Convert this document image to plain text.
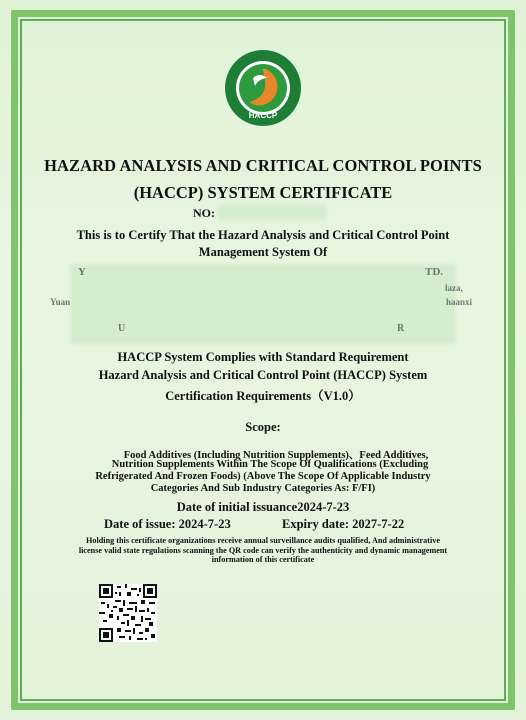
HACCP
HAZARD ANALYSIS AND CRITICAL CONTROL POINTS
(HACCP) SYSTEM CERTIFICATE
NO:
This is to Certify That the Hazard Analysis and Critical Control Point
Management System Of
Y	TD.
laza,
Yuan	haanxi
U	R
HACCP System Complies with Standard Requirement
Hazard Analysis and Critical Control Point (HACCP) System
Certification Requirements（V1.0）
Scope:
Food Additives (Including Nutrition Supplements)、Feed Additives,
Nutrition Supplements Within The Scope Of Qualifications (Excluding
Refrigerated And Frozen Foods) (Above The Scope Of Applicable Industry
Categories And Sub Industry Categories As: F/FI)
Date of initial issuance2024-7-23
Date of issue: 2024-7-23	Expiry date: 2027-7-22
Holding this certificate organizations receive annual surveillance audits qualified, And administrative
license valid state regulations scanning the QR code can verify the authenticity and dynamic management
information of this certificate
